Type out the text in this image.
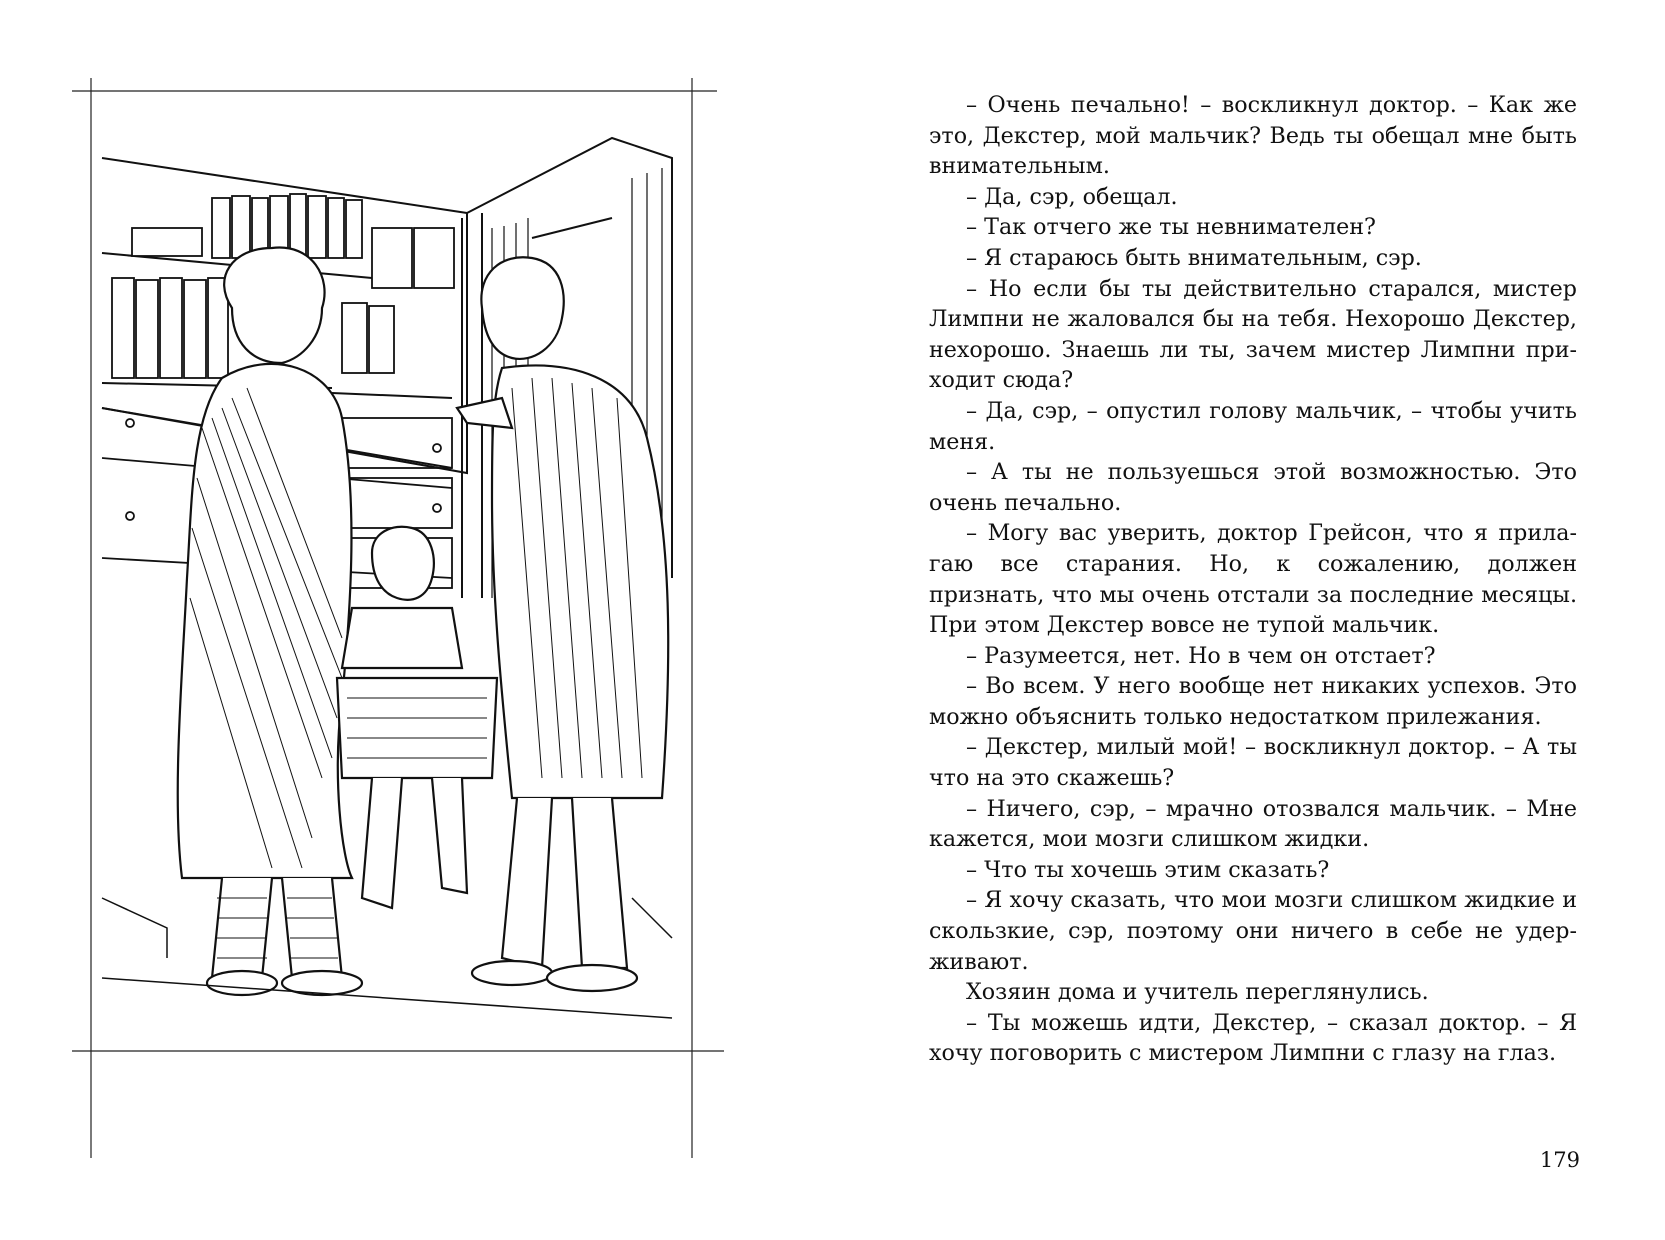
– Очень печально! – воскликнул доктор. – Как же это, Декстер, мой мальчик? Ведь ты обещал мне быть внимательным.

– Да, сэр, обещал.

– Так отчего же ты невнимателен?

– Я стараюсь быть внимательным, сэр.

– Но если бы ты действительно старался, мистер Лимпни не жаловался бы на тебя. Нехорошо Декстер, нехорошо. Знаешь ли ты, зачем мистер Лимпни приходит сюда?

– Да, сэр, – опустил голову мальчик, – чтобы учить меня.

– А ты не пользуешься этой возможностью. Это очень печально.

– Могу вас уверить, доктор Грейсон, что я прилагаю все старания. Но, к сожалению, должен признать, что мы очень отстали за последние месяцы. При этом Декстер вовсе не тупой мальчик.

– Разумеется, нет. Но в чем он отстает?

– Во всем. У него вообще нет никаких успехов. Это можно объяснить только недостатком прилежания.

– Декстер, милый мой! – воскликнул доктор. – А ты что на это скажешь?

– Ничего, сэр, – мрачно отозвался мальчик. – Мне кажется, мои мозги слишком жидки.

– Что ты хочешь этим сказать?

– Я хочу сказать, что мои мозги слишком жидкие и скользкие, сэр, поэтому они ничего в себе не удерживают.

Хозяин дома и учитель переглянулись.

– Ты можешь идти, Декстер, – сказал доктор. – Я хочу поговорить с мистером Лимпни с глазу на глаз.

179
